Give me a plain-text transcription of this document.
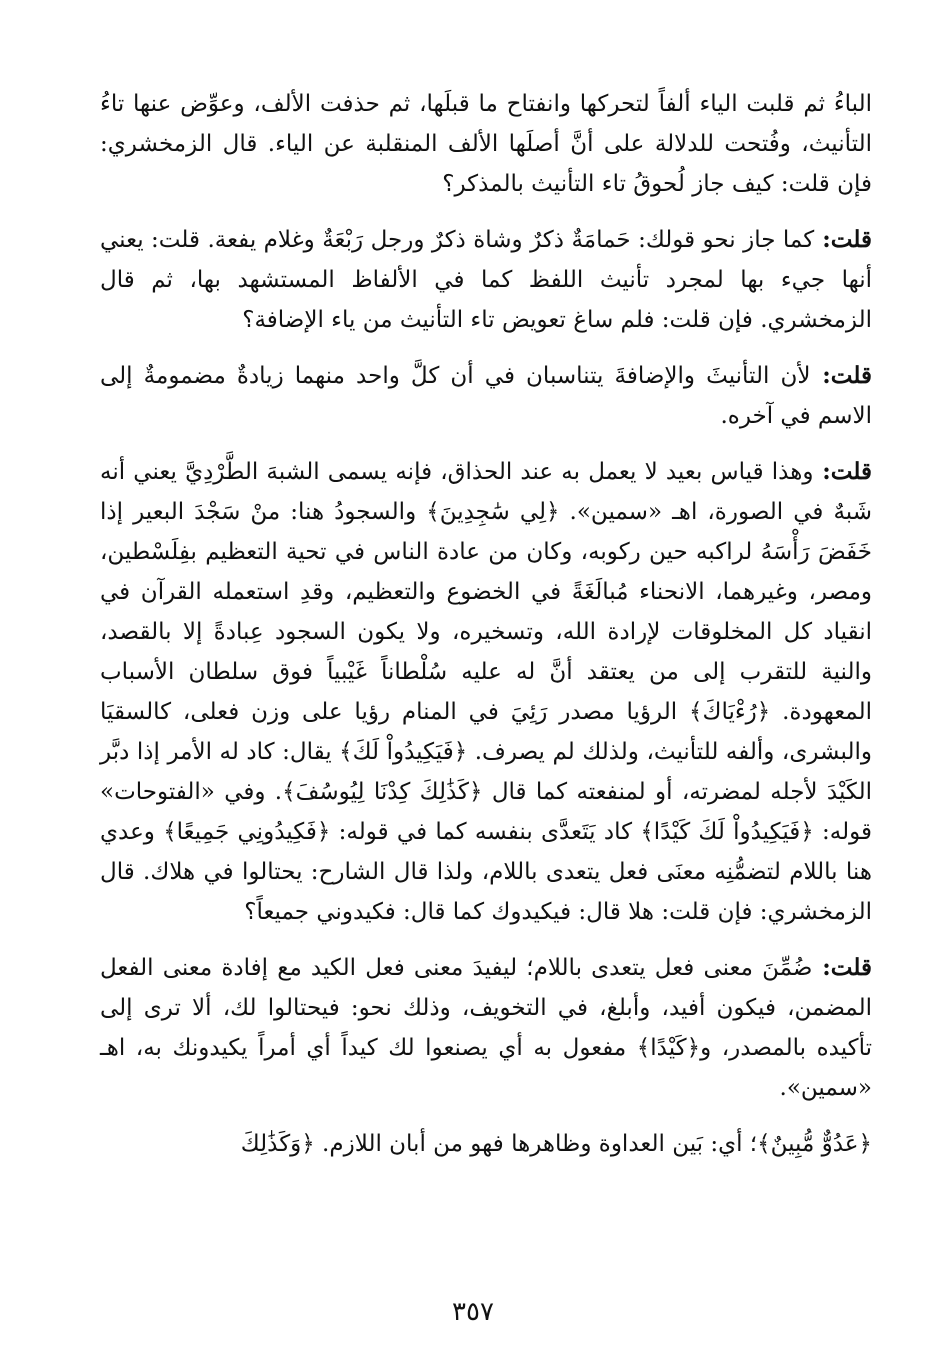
الباءُ ثم قلبت الياء ألفاً لتحركها وانفتاح ما قبلَها، ثم حذفت الألف، وعوِّض عنها تاءُ التأنيث، وفُتحت للدلالة على أنَّ أصلَها الألف المنقلبة عن الياء. قال الزمخشري: فإن قلت: كيف جاز لُحوقُ تاء التأنيث بالمذكر؟

قلت: كما جاز نحو قولك: حَمامَةٌ ذكرٌ وشاة ذكرٌ ورجل رَبْعَةٌ وغلام يفعة. قلت: يعني أنها جيء بها لمجرد تأنيث اللفظ كما في الألفاظ المستشهد بها، ثم قال الزمخشري. فإن قلت: فلم ساغ تعويض تاء التأنيث من ياء الإضافة؟

قلت: لأن التأنيثَ والإضافةَ يتناسبان في أن كلَّ واحد منهما زيادةٌ مضمومةٌ إلى الاسم في آخره.

قلت: وهذا قياس بعيد لا يعمل به عند الحذاق، فإنه يسمى الشبهَ الطَّرْدِيَّ يعني أنه شَبهٌ في الصورة، اهـ «سمين». ﴿لِي سَٰجِدِينَ﴾ والسجودُ هنا: منْ سَجْدَ البعير إذا خَفَضَ رَأْسَهُ لراكبه حين ركوبه، وكان من عادة الناس في تحية التعظيم بفِلَسْطين، ومصر، وغيرهما، الانحناء مُبالَغَةً في الخضوع والتعظيم، وقدِ استعمله القرآن في انقياد كل المخلوقات لإرادة الله، وتسخيره، ولا يكون السجود عِبادةً إلا بالقصد، والنية للتقرب إلى من يعتقد أنَّ له عليه سُلْطاناً غَيْبياً فوق سلطان الأسباب المعهودة. ﴿رُءْيَاكَ﴾ الرؤيا مصدر رَئِيَ في المنام رؤيا على وزن فعلى، كالسقيَا والبشرى، وألفه للتأنيث، ولذلك لم يصرف. ﴿فَيَكِيدُواْ لَكَ﴾ يقال: كاد له الأمر إذا دبَّر الكَيْدَ لأجله لمضرته، أو لمنفعته كما قال ﴿كَذَٰلِكَ كِدْنَا لِيُوسُفَ﴾. وفي «الفتوحات» قوله: ﴿فَيَكِيدُواْ لَكَ كَيْدًا﴾ كاد يَتَعدَّى بنفسه كما في قوله: ﴿فَكِيدُونِي جَمِيعًا﴾ وعدي هنا باللام لتضمُّنِه معنَى فعل يتعدى باللام، ولذا قال الشارح: يحتالوا في هلاك. قال الزمخشري: فإن قلت: هلا قال: فيكيدوك كما قال: فكيدوني جميعاً؟

قلت: ضُمِّنَ معنى فعل يتعدى باللام؛ ليفيدَ معنى فعل الكيد مع إفادة معنى الفعل المضمن، فيكون أفيد، وأبلغ، في التخويف، وذلك نحو: فيحتالوا لك، ألا ترى إلى تأكيده بالمصدر، و﴿كَيْدًا﴾ مفعول به أي يصنعوا لك كيداً أي أمراً يكيدونك به، اهـ «سمين».

﴿عَدُوٌّ مُّبِينٌ﴾؛ أي: بَين العداوة وظاهرها فهو من أبان اللازم. ﴿وَكَذَٰلِكَ

٣٥٧
